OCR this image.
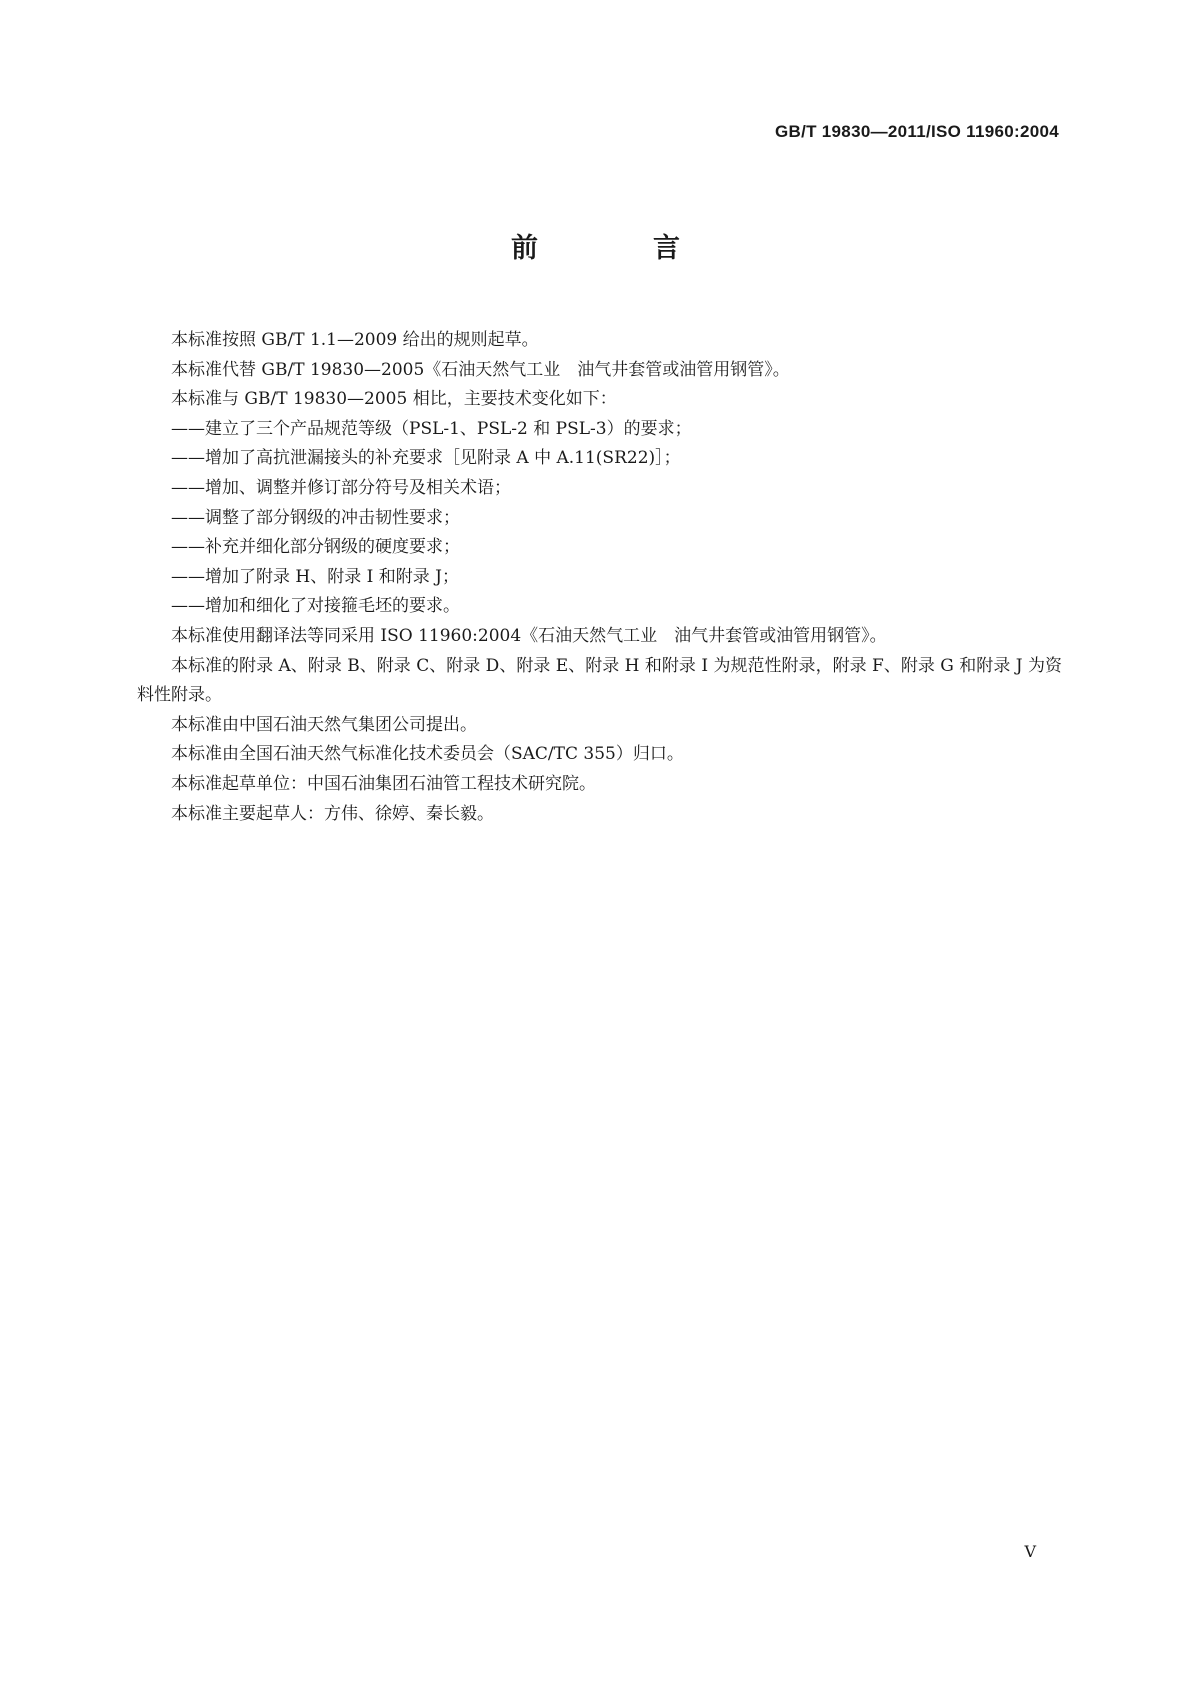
GB/T 19830—2011/ISO 11960:2004
前　言

本标准按照 GB/T 1.1—2009 给出的规则起草。

本标准代替 GB/T 19830—2005《石油天然气工业　油气井套管或油管用钢管》。

本标准与 GB/T 19830—2005 相比，主要技术变化如下：

——建立了三个产品规范等级（PSL-1、PSL-2 和 PSL-3）的要求；

——增加了高抗泄漏接头的补充要求［见附录 A 中 A.11(SR22)］；

——增加、调整并修订部分符号及相关术语；

——调整了部分钢级的冲击韧性要求；

——补充并细化部分钢级的硬度要求；

——增加了附录 H、附录 I 和附录 J；

——增加和细化了对接箍毛坯的要求。

本标准使用翻译法等同采用 ISO 11960:2004《石油天然气工业　油气井套管或油管用钢管》。

本标准的附录 A、附录 B、附录 C、附录 D、附录 E、附录 H 和附录 I 为规范性附录，附录 F、附录 G 和附录 J 为资料性附录。

本标准由中国石油天然气集团公司提出。

本标准由全国石油天然气标准化技术委员会（SAC/TC 355）归口。

本标准起草单位：中国石油集团石油管工程技术研究院。

本标准主要起草人：方伟、徐婷、秦长毅。

Ⅴ
